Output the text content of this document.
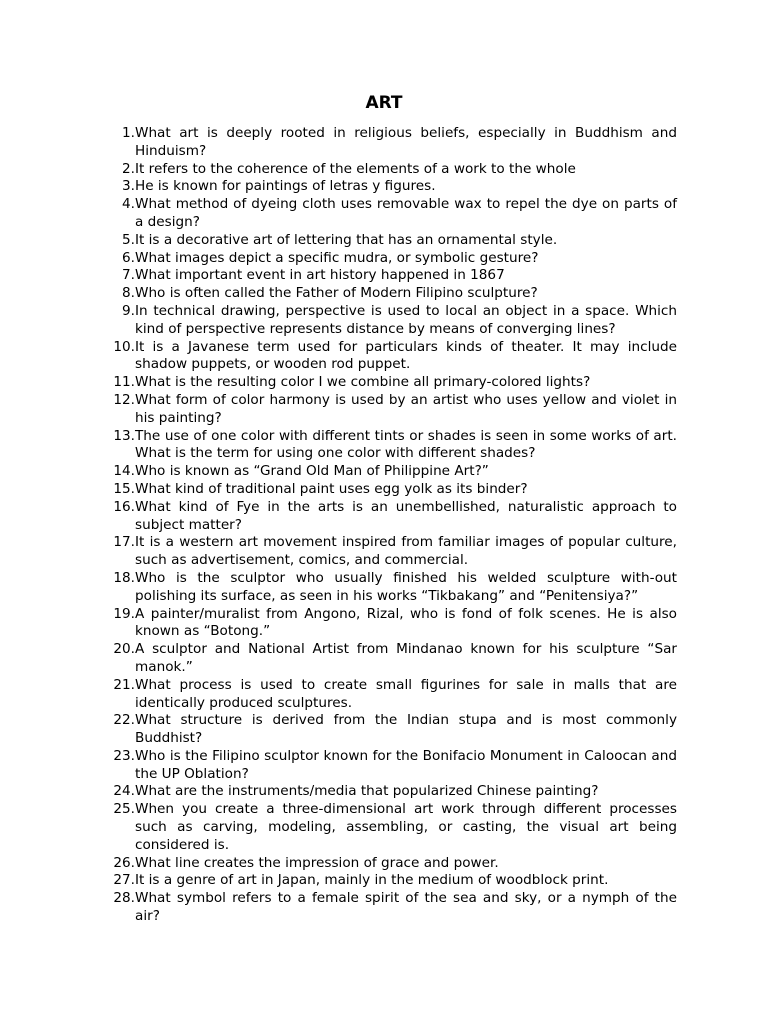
ART
1. What art is deeply rooted in religious beliefs, especially in Buddhism and Hinduism?

2. It refers to the coherence of the elements of a work to the whole

3. He is known for paintings of letras y figures.

4. What method of dyeing cloth uses removable wax to repel the dye on parts of a design?

5. It is a decorative art of lettering that has an ornamental style.

6. What images depict a specific mudra, or symbolic gesture?

7. What important event in art history happened in 1867

8. Who is often called the Father of Modern Filipino sculpture?

9. In technical drawing, perspective is used to local an object in a space. Which kind of perspective represents distance by means of converging lines?

10. It is a Javanese term used for particulars kinds of theater. It may include shadow puppets, or wooden rod puppet.

11. What is the resulting color I we combine all primary-colored lights?

12. What form of color harmony is used by an artist who uses yellow and violet in his painting?

13. The use of one color with different tints or shades is seen in some works of art. What is the term for using one color with different shades?

14. Who is known as “Grand Old Man of Philippine Art?”

15. What kind of traditional paint uses egg yolk as its binder?

16. What kind of Fye in the arts is an unembellished, naturalistic approach to subject matter?

17. It is a western art movement inspired from familiar images of popular culture, such as advertisement, comics, and commercial.

18. Who is the sculptor who usually finished his welded sculpture with-out polishing its surface, as seen in his works “Tikbakang” and “Penitensiya?”

19. A painter/muralist from Angono, Rizal, who is fond of folk scenes. He is also known as “Botong.”

20. A sculptor and National Artist from Mindanao known for his sculpture “Sar manok.”

21. What process is used to create small figurines for sale in malls that are identically produced sculptures.

22. What structure is derived from the Indian stupa and is most commonly Buddhist?

23. Who is the Filipino sculptor known for the Bonifacio Monument in Caloocan and the UP Oblation?

24. What are the instruments/media that popularized Chinese painting?

25. When you create a three-dimensional art work through different processes such as carving, modeling, assembling, or casting, the visual art being considered is.

26. What line creates the impression of grace and power.

27. It is a genre of art in Japan, mainly in the medium of woodblock print.

28. What symbol refers to a female spirit of the sea and sky, or a nymph of the air?
